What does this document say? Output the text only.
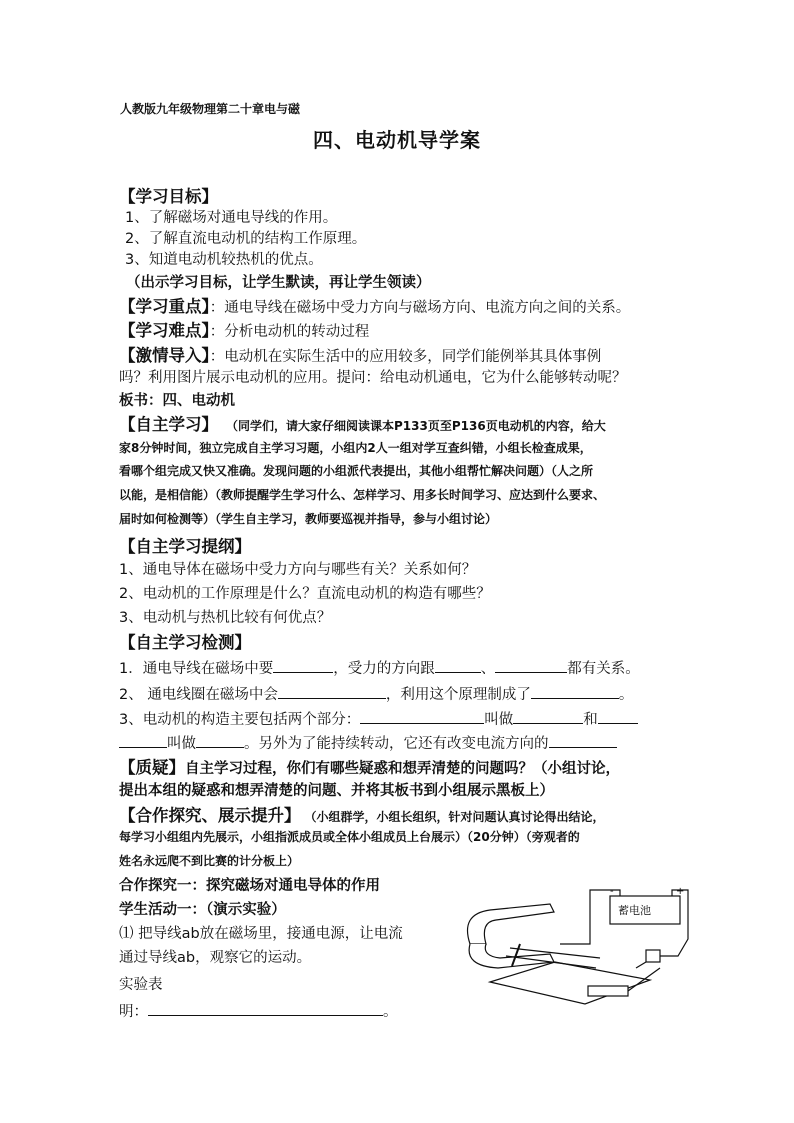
人教版九年级物理第二十章电与磁
四、电动机导学案
【学习目标】
1、了解磁场对通电导线的作用。
2、了解直流电动机的结构工作原理。
3、知道电动机较热机的优点。
（出示学习目标，让学生默读，再让学生领读）
【学习重点】：通电导线在磁场中受力方向与磁场方向、电流方向之间的关系。
【学习难点】：分析电动机的转动过程
【激情导入】：电动机在实际生活中的应用较多，同学们能例举其具体事例
吗？利用图片展示电动机的应用。提问：给电动机通电，它为什么能够转动呢？
板书：四、电动机
【自主学习】 （同学们，请大家仔细阅读课本P133页至P136页电动机的内容，给大
家8分钟时间，独立完成自主学习习题，小组内2人一组对学互查纠错，小组长检查成果，
看哪个组完成又快又准确。发现问题的小组派代表提出，其他小组帮忙解决问题）（人之所
以能，是相信能）（教师提醒学生学习什么、怎样学习、用多长时间学习、应达到什么要求、
届时如何检测等）（学生自主学习，教师要巡视并指导，参与小组讨论）
【自主学习提纲】
1、通电导体在磁场中受力方向与哪些有关？关系如何？
2、电动机的工作原理是什么？直流电动机的构造有哪些？
3、电动机与热机比较有何优点？
【自主学习检测】
1．通电导线在磁场中要	，受力的方向跟	、	都有关系。
2、 通电线圈在磁场中会	，利用这个原理制成了	。
3、电动机的构造主要包括两个部分：	叫做	和
叫做	。另外为了能持续转动，它还有改变电流方向的
【质疑】自主学习过程，你们有哪些疑惑和想弄清楚的问题吗？（小组讨论，
提出本组的疑惑和想弄清楚的问题、并将其板书到小组展示黑板上）
【合作探究、展示提升】 （小组群学，小组长组织，针对问题认真讨论得出结论，
每学习小组组内先展示，小组指派成员或全体小组成员上台展示）（20分钟）（旁观者的
姓名永远爬不到比赛的计分板上）
合作探究一：探究磁场对通电导体的作用
学生活动一：（演示实验）
⑴ 把导线ab放在磁场里，接通电源，让电流
通过导线ab，观察它的运动。
实验表
明：	。
蓄电池
-	+
